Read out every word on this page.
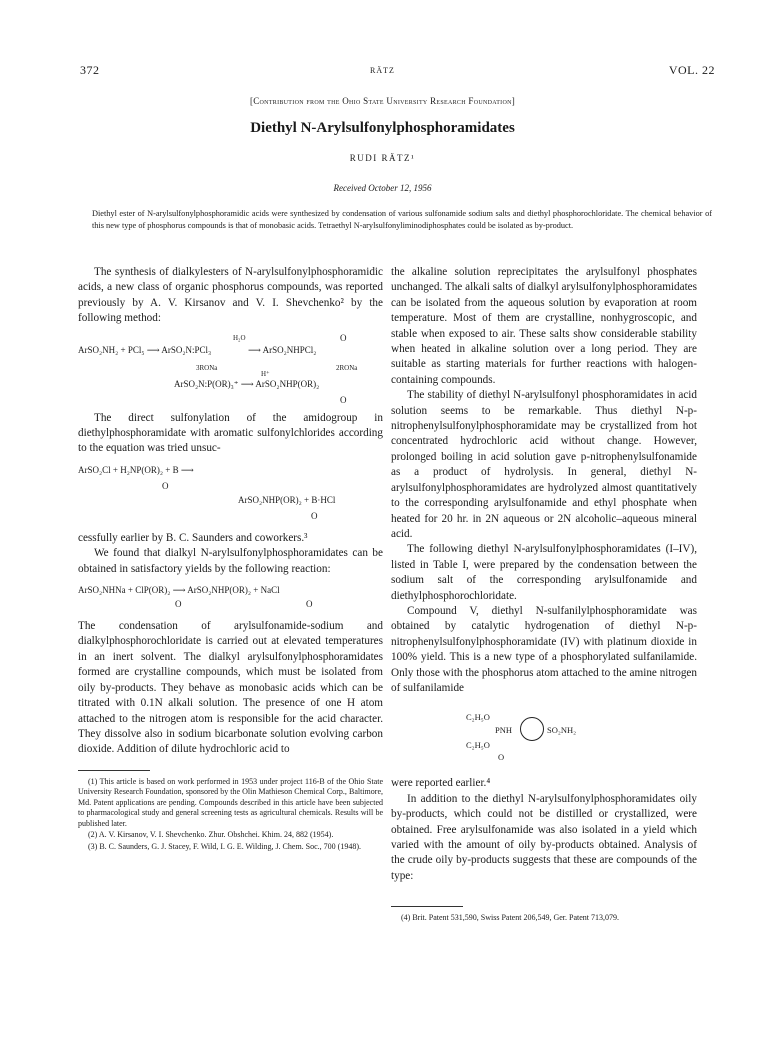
372	RÄTZ	VOL. 22
[Contribution from the Ohio State University Research Foundation]
Diethyl N-Arylsulfonylphosphoramidates
RUDI RÄTZ¹
Received October 12, 1956
Diethyl ester of N-arylsulfonylphosphoramidic acids were synthesized by condensation of various sulfonamide sodium salts and diethyl phosphorochloridate. The chemical behavior of this new type of phosphorus compounds is that of monobasic acids. Tetraethyl N-arylsulfonyliminodiphosphates could be isolated as by-product.

The synthesis of dialkylesters of N-arylsulfonylphosphoramidic acids, a new class of organic phosphorus compounds, was reported previously by A. V. Kirsanov and V. I. Shevchenko² by the following method:

H₂O	O
ArSO₂NH₂ + PCl₅ ⟶ ArSO₂N:PCl₃	⟶ ArSO₂NHPCl₂
3RONa
H⁺
2RONa
ArSO₂N:P(OR)₃⁺ ⟶ ArSO₂NHP(OR)₂
O

The direct sulfonylation of the amidogroup in diethylphosphoramidate with aromatic sulfonylchlorides according to the equation was tried unsuc-

ArSO₂Cl + H₂NP(OR)₂ + B ⟶
O
ArSO₂NHP(OR)₂ + B·HCl
O

cessfully earlier by B. C. Saunders and coworkers.³

We found that dialkyl N-arylsulfonylphosphoramidates can be obtained in satisfactory yields by the following reaction:

ArSO₂NHNa + ClP(OR)₂ ⟶ ArSO₂NHP(OR)₂ + NaCl
O	O

The condensation of arylsulfonamide-sodium and dialkylphosphorochloridate is carried out at elevated temperatures in an inert solvent. The dialkyl arylsulfonylphosphoramidates formed are crystalline compounds, which must be isolated from oily by-products. They behave as monobasic acids which can be titrated with 0.1N alkali solution. The presence of one H atom attached to the nitrogen atom is responsible for the acid character. They dissolve also in sodium bicarbonate solution evolving carbon dioxide. Addition of dilute hydrochloric acid to

(1) This article is based on work performed in 1953 under project 116-B of the Ohio State University Research Foundation, sponsored by the Olin Mathieson Chemical Corp., Baltimore, Md. Patent applications are pending. Compounds described in this article have been subjected to pharmacological study and general screening tests as agricultural chemicals. Results will be published later.

(2) A. V. Kirsanov, V. I. Shevchenko. Zhur. Obshchei. Khim. 24, 882 (1954).

(3) B. C. Saunders, G. J. Stacey, F. Wild, I. G. E. Wilding, J. Chem. Soc., 700 (1948).

the alkaline solution reprecipitates the arylsulfonyl phosphates unchanged. The alkali salts of dialkyl arylsulfonylphosphoramidates can be isolated from the aqueous solution by evaporation at room temperature. Most of them are crystalline, nonhygroscopic, and stable when exposed to air. These salts show considerable stability when heated in alkaline solution over a long period. They are suitable as starting materials for further reactions with halogen-containing compounds.

The stability of diethyl N-arylsulfonyl phosphoramidates in acid solution seems to be remarkable. Thus diethyl N-p-nitrophenylsulfonylphosphoramidate may be crystallized from hot concentrated hydrochloric acid without change. However, prolonged boiling in acid solution gave p-nitrophenylsulfonamide as a product of hydrolysis. In general, diethyl N-arylsulfonylphosphoramidates are hydrolyzed almost quantitatively to the corresponding arylsulfonamide and ethyl phosphate when heated for 20 hr. in 2N aqueous or 2N alcoholic–aqueous mineral acid.

The following diethyl N-arylsulfonylphosphoramidates (I–IV), listed in Table I, were prepared by the condensation between the sodium salt of the corresponding arylsulfonamide and diethylphosphorochloridate.

Compound V, diethyl N-sulfanilylphosphoramidate was obtained by catalytic hydrogenation of diethyl N-p-nitrophenylsulfonylphosphoramidate (IV) with platinum dioxide in 100% yield. This is a new type of a phosphorylated sulfanilamide. Only those with the phosphorus atom attached to the amine nitrogen of sulfanilamide

C₂H₅O
PNH	SO₂NH₂
C₂H₅O
O

were reported earlier.⁴

In addition to the diethyl N-arylsulfonylphosphoramidates oily by-products, which could not be distilled or crystallized, were obtained. Free arylsulfonamide was also isolated in a yield which varied with the amount of oily by-products obtained. Analysis of the crude oily by-products suggests that these are compounds of the type:

(4) Brit. Patent 531,590, Swiss Patent 206,549, Ger. Patent 713,079.
